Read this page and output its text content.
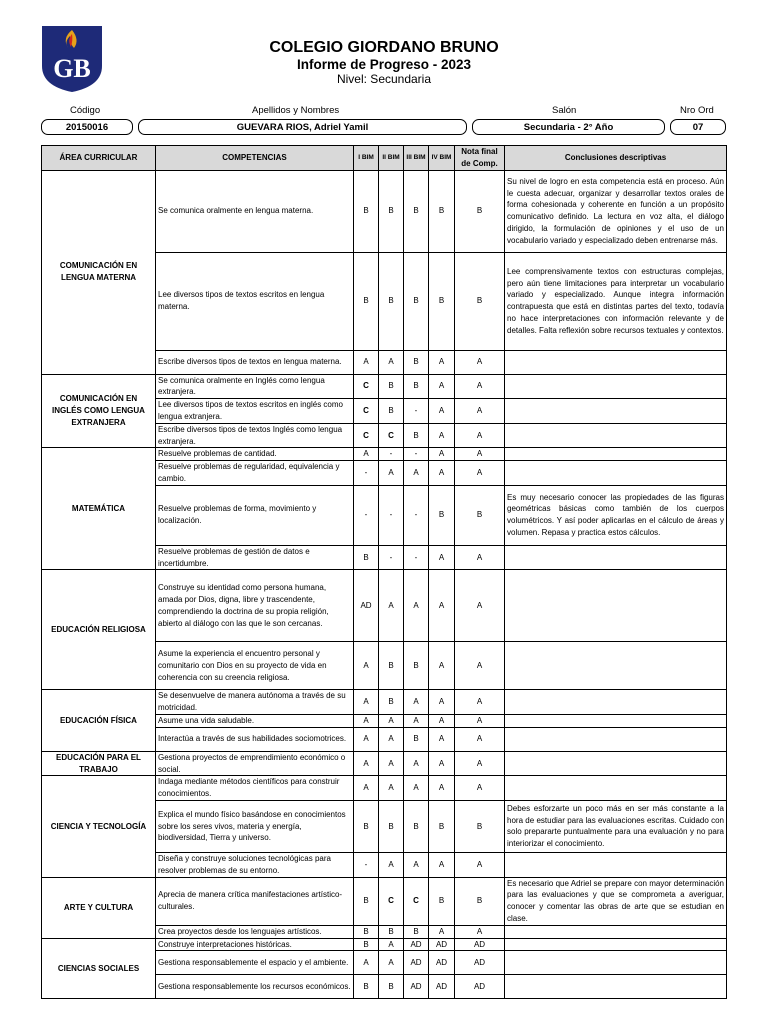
GB
COLEGIO GIORDANO BRUNO
Informe de Progreso - 2023
Nivel: Secundaria
Código	Apellidos y Nombres	Salón	Nro Ord
20150016	GUEVARA RIOS, Adriel Yamil	Secundaria - 2° Año	07
ÁREA CURRICULAR	COMPETENCIAS	I BIM	II BIM	III BIM	IV BIM	Nota final de Comp.	Conclusiones descriptivas
COMUNICACIÓN EN LENGUA MATERNA	Se comunica oralmente en lengua materna.	B	B	B	B	B	Su nivel de logro en esta competencia está en proceso. Aún le cuesta adecuar, organizar y desarrollar textos orales de forma cohesionada y coherente en función a un propósito comunicativo definido. La lectura en voz alta, el diálogo dirigido, la formulación de opiniones y el uso de un vocabulario variado y especializado deben entrenarse más.
	Lee diversos tipos de textos escritos en lengua materna.	B	B	B	B	B	Lee comprensivamente textos con estructuras complejas, pero aún tiene limitaciones para interpretar un vocabulario variado y especializado. Aunque integra información contrapuesta que está en distintas partes del texto, todavía no hace interpretaciones con información relevante y de detalles. Falta reflexión sobre recursos textuales y contextos.
	Escribe diversos tipos de textos en lengua materna.	A	A	B	A	A	
COMUNICACIÓN EN INGLÉS COMO LENGUA EXTRANJERA	Se comunica oralmente en Inglés como lengua extranjera.	C	B	B	A	A	
	Lee diversos tipos de textos escritos en inglés como lengua extranjera.	C	B	-	A	A	
	Escribe diversos tipos de textos Inglés como lengua extranjera.	C	C	B	A	A	
MATEMÁTICA	Resuelve problemas de cantidad.	A	-	-	A	A	
	Resuelve problemas de regularidad, equivalencia y cambio.	-	A	A	A	A	
	Resuelve problemas de forma, movimiento y localización.	-	-	-	B	B	Es muy necesario conocer las propiedades de las figuras geométricas básicas como también de los cuerpos volumétricos. Y así poder aplicarlas en el cálculo de áreas y volumen. Repasa y practica estos cálculos.
	Resuelve problemas de gestión de datos e incertidumbre.	B	-	-	A	A	
EDUCACIÓN RELIGIOSA	Construye su identidad como persona humana, amada por Dios, digna, libre y trascendente, comprendiendo la doctrina de su propia religión, abierto al diálogo con las que le son cercanas.	AD	A	A	A	A	
	Asume la experiencia el encuentro personal y comunitario con Dios en su proyecto de vida en coherencia con su creencia religiosa.	A	B	B	A	A	
EDUCACIÓN FÍSICA	Se desenvuelve de manera autónoma a través de su motricidad.	A	B	A	A	A	
	Asume una vida saludable.	A	A	A	A	A	
	Interactúa a través de sus habilidades sociomotrices.	A	A	B	A	A	
EDUCACIÓN PARA EL TRABAJO	Gestiona proyectos de emprendimiento económico o social.	A	A	A	A	A	
CIENCIA Y TECNOLOGÍA	Indaga mediante métodos científicos para construir conocimientos.	A	A	A	A	A	
	Explica el mundo físico basándose en conocimientos sobre los seres vivos, materia y energía, biodiversidad, Tierra y universo.	B	B	B	B	B	Debes esforzarte un poco más en ser más constante a la hora de estudiar para las evaluaciones escritas. Cuidado con solo prepararte puntualmente para una evaluación y no para interiorizar el conocimiento.
	Diseña y construye soluciones tecnológicas para resolver problemas de su entorno.	-	A	A	A	A	
ARTE Y CULTURA	Aprecia de manera crítica manifestaciones artístico-culturales.	B	C	C	B	B	Es necesario que Adriel se prepare con mayor determinación para las evaluaciones y que se comprometa a averiguar, conocer y comentar las obras de arte que se estudian en clase.
	Crea proyectos desde los lenguajes artísticos.	B	B	B	A	A	
CIENCIAS SOCIALES	Construye interpretaciones históricas.	B	A	AD	AD	AD	
	Gestiona responsablemente el espacio y el ambiente.	A	A	AD	AD	AD	
	Gestiona responsablemente los recursos económicos.	B	B	AD	AD	AD	
